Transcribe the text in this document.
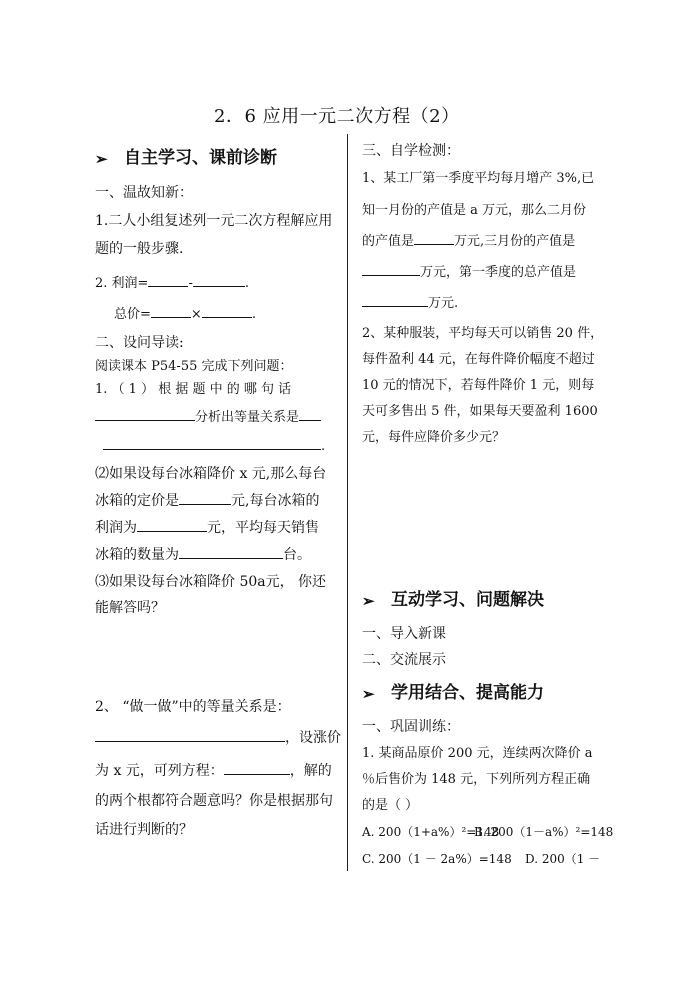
2．6 应用一元二次方程（2）
➢ 自主学习、课前诊断
一、温故知新：
1.二人小组复述列一元二次方程解应用
题的一般步骤.
2. 利润=	-	.
总价=	×	.
二、设问导读:
阅读课本 P54-55 完成下列问题：
1. （ 1 ） 根 据 题 中 的 哪 句 话
分析出等量关系是
.
⑵如果设每台冰箱降价 x 元,那么每台
冰箱的定价是	元,每台冰箱的
利润为	元，平均每天销售
冰箱的数量为	台。
⑶如果设每台冰箱降价 50a元， 你还
能解答吗？
2、 “做一做”中的等量关系是：
，设涨价
为 x 元，可列方程：	，解的
的两个根都符合题意吗？你是根据那句
话进行判断的？
三、自学检测：
1、某工厂第一季度平均每月增产 3%,已
知一月份的产值是 a 万元，那么二月份
的产值是	万元,三月份的产值是
万元，第一季度的总产值是
万元.
2、某种服装，平均每天可以销售 20 件，
每件盈利 44 元，在每件降价幅度不超过
10 元的情况下，若每件降价 1 元，则每
天可多售出 5 件，如果每天要盈利 1600
元，每件应降价多少元？
➢ 互动学习、问题解决
一、导入新课
二、交流展示
➢ 学用结合、提高能力
一、巩固训练：
1. 某商品原价 200 元，连续两次降价 a
％后售价为 148 元，下列所列方程正确
的是（ ）
A. 200（1+a%）²=148
B. 200（1－a%）²=148
C. 200（1 － 2a%）=148 D. 200（1 －
